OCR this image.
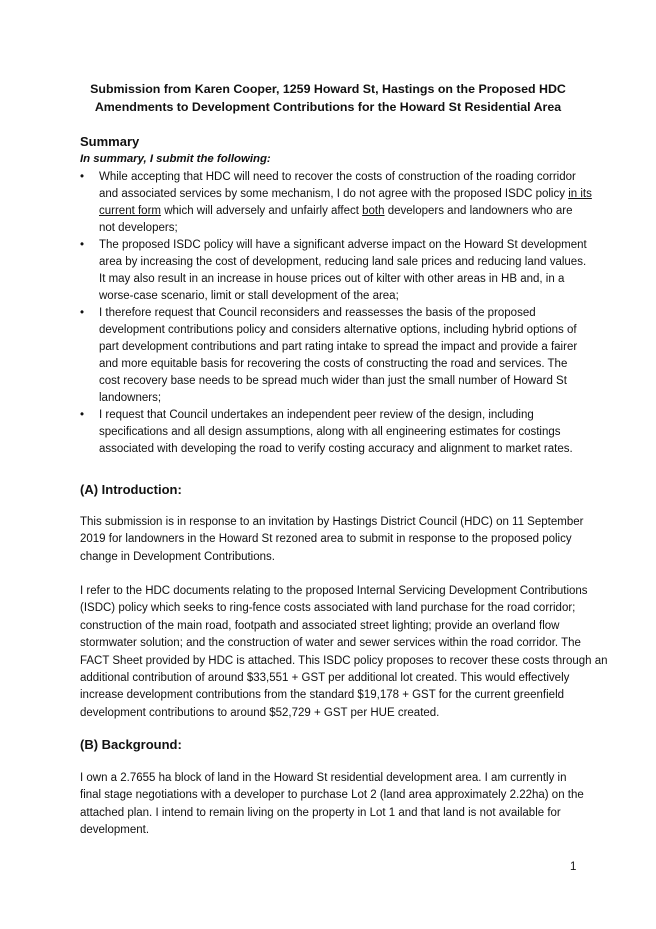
Submission from Karen Cooper, 1259 Howard St, Hastings on the Proposed HDC
Amendments to Development Contributions for the Howard St Residential Area
Summary
In summary, I submit the following:
• While accepting that HDC will need to recover the costs of construction of the roading corridor
and associated services by some mechanism, I do not agree with the proposed ISDC policy in its
current form which will adversely and unfairly affect both developers and landowners who are
not developers;
• The proposed ISDC policy will have a significant adverse impact on the Howard St development
area by increasing the cost of development, reducing land sale prices and reducing land values.
It may also result in an increase in house prices out of kilter with other areas in HB and, in a
worse-case scenario, limit or stall development of the area;
• I therefore request that Council reconsiders and reassesses the basis of the proposed
development contributions policy and considers alternative options, including hybrid options of
part development contributions and part rating intake to spread the impact and provide a fairer
and more equitable basis for recovering the costs of constructing the road and services. The
cost recovery base needs to be spread much wider than just the small number of Howard St
landowners;
• I request that Council undertakes an independent peer review of the design, including
specifications and all design assumptions, along with all engineering estimates for costings
associated with developing the road to verify costing accuracy and alignment to market rates.
(A) Introduction:
This submission is in response to an invitation by Hastings District Council (HDC) on 11 September
2019 for landowners in the Howard St rezoned area to submit in response to the proposed policy
change in Development Contributions.
I refer to the HDC documents relating to the proposed Internal Servicing Development Contributions
(ISDC) policy which seeks to ring-fence costs associated with land purchase for the road corridor;
construction of the main road, footpath and associated street lighting; provide an overland flow
stormwater solution; and the construction of water and sewer services within the road corridor. The
FACT Sheet provided by HDC is attached. This ISDC policy proposes to recover these costs through an
additional contribution of around $33,551 + GST per additional lot created. This would effectively
increase development contributions from the standard $19,178 + GST for the current greenfield
development contributions to around $52,729 + GST per HUE created.
(B) Background:
I own a 2.7655 ha block of land in the Howard St residential development area. I am currently in
final stage negotiations with a developer to purchase Lot 2 (land area approximately 2.22ha) on the
attached plan. I intend to remain living on the property in Lot 1 and that land is not available for
development.
1
